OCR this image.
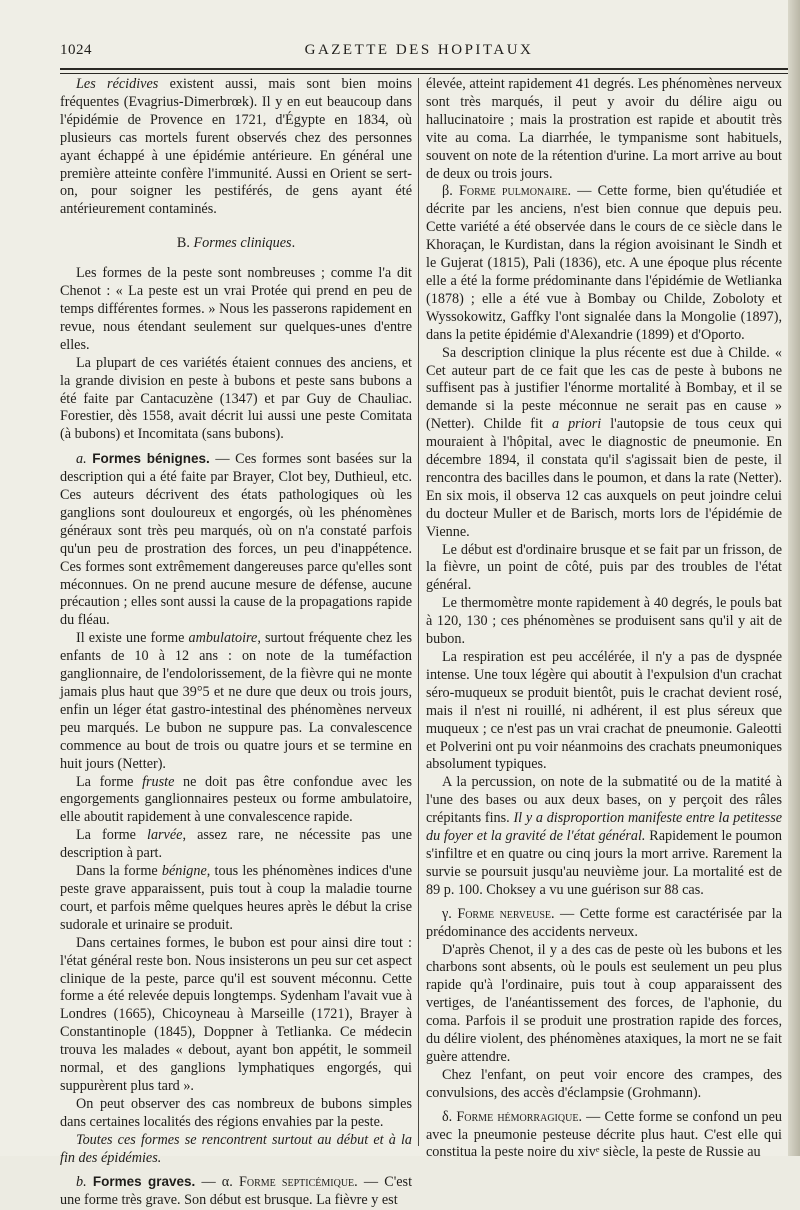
1024	GAZETTE DES HOPITAUX

Les récidives existent aussi, mais sont bien moins fréquentes (Evagrius-Dimerbrœk). Il y en eut beaucoup dans l'épidémie de Provence en 1721, d'Égypte en 1834, où plusieurs cas mortels furent observés chez des personnes ayant échappé à une épidémie antérieure. En général une première atteinte confère l'immunité. Aussi en Orient se sert-on, pour soigner les pestiférés, de gens ayant été antérieurement contaminés.

B. Formes cliniques.

Les formes de la peste sont nombreuses ; comme l'a dit Chenot : « La peste est un vrai Protée qui prend en peu de temps différentes formes. » Nous les passerons rapidement en revue, nous étendant seulement sur quelques-unes d'entre elles.

La plupart de ces variétés étaient connues des anciens, et la grande division en peste à bubons et peste sans bubons a été faite par Cantacuzène (1347) et par Guy de Chauliac. Forestier, dès 1558, avait décrit lui aussi une peste Comitata (à bubons) et Incomitata (sans bubons).

a. Formes bénignes. — Ces formes sont basées sur la description qui a été faite par Brayer, Clot bey, Duthieul, etc. Ces auteurs décrivent des états pathologiques où les ganglions sont douloureux et engorgés, où les phénomènes généraux sont très peu marqués, où on n'a constaté parfois qu'un peu de prostration des forces, un peu d'inappétence. Ces formes sont extrêmement dangereuses parce qu'elles sont méconnues. On ne prend aucune mesure de défense, aucune précaution ; elles sont aussi la cause de la propagations rapide du fléau.

Il existe une forme ambulatoire, surtout fréquente chez les enfants de 10 à 12 ans : on note de la tuméfaction ganglionnaire, de l'endolorissement, de la fièvre qui ne monte jamais plus haut que 39°5 et ne dure que deux ou trois jours, enfin un léger état gastro-intestinal des phénomènes nerveux peu marqués. Le bubon ne suppure pas. La convalescence commence au bout de trois ou quatre jours et se termine en huit jours (Netter).

La forme fruste ne doit pas être confondue avec les engorgements ganglionnaires pesteux ou forme ambulatoire, elle aboutit rapidement à une convalescence rapide.

La forme larvée, assez rare, ne nécessite pas une description à part.

Dans la forme bénigne, tous les phénomènes indices d'une peste grave apparaissent, puis tout à coup la maladie tourne court, et parfois même quelques heures après le début la crise sudorale et urinaire se produit.

Dans certaines formes, le bubon est pour ainsi dire tout : l'état général reste bon. Nous insisterons un peu sur cet aspect clinique de la peste, parce qu'il est souvent méconnu. Cette forme a été relevée depuis longtemps. Sydenham l'avait vue à Londres (1665), Chicoyneau à Marseille (1721), Brayer à Constantinople (1845), Doppner à Tetlianka. Ce médecin trouva les malades « debout, ayant bon appétit, le sommeil normal, et des ganglions lymphatiques engorgés, qui suppurèrent plus tard ».

On peut observer des cas nombreux de bubons simples dans certaines localités des régions envahies par la peste.

Toutes ces formes se rencontrent surtout au début et à la fin des épidémies.

b. Formes graves. — α. Forme septicémique. — C'est une forme très grave. Son début est brusque. La fièvre y est

élevée, atteint rapidement 41 degrés. Les phénomènes nerveux sont très marqués, il peut y avoir du délire aigu ou hallucinatoire ; mais la prostration est rapide et aboutit très vite au coma. La diarrhée, le tympanisme sont habituels, souvent on note de la rétention d'urine. La mort arrive au bout de deux ou trois jours.

β. Forme pulmonaire. — Cette forme, bien qu'étudiée et décrite par les anciens, n'est bien connue que depuis peu. Cette variété a été observée dans le cours de ce siècle dans le Khoraçan, le Kurdistan, dans la région avoisinant le Sindh et le Gujerat (1815), Pali (1836), etc. A une époque plus récente elle a été la forme prédominante dans l'épidémie de Wetlianka (1878) ; elle a été vue à Bombay ou Childe, Zobolоty et Wyssokowitz, Gaffky l'ont signalée dans la Mongolie (1897), dans la petite épidémie d'Alexandrie (1899) et d'Oporto.

Sa description clinique la plus récente est due à Childe. « Cet auteur part de ce fait que les cas de peste à bubons ne suffisent pas à justifier l'énorme mortalité à Bombay, et il se demande si la peste méconnue ne serait pas en cause » (Netter). Childe fit a priori l'autopsie de tous ceux qui mouraient à l'hôpital, avec le diagnostic de pneumonie. En décembre 1894, il constata qu'il s'agissait bien de peste, il rencontra des bacilles dans le poumon, et dans la rate (Netter). En six mois, il observa 12 cas auxquels on peut joindre celui du docteur Muller et de Barisch, morts lors de l'épidémie de Vienne.

Le début est d'ordinaire brusque et se fait par un frisson, de la fièvre, un point de côté, puis par des troubles de l'état général.

Le thermomètre monte rapidement à 40 degrés, le pouls bat à 120, 130 ; ces phénomènes se produisent sans qu'il y ait de bubon.

La respiration est peu accélérée, il n'y a pas de dyspnée intense. Une toux légère qui aboutit à l'expulsion d'un crachat séro-muqueux se produit bientôt, puis le crachat devient rosé, mais il n'est ni rouillé, ni adhérent, il est plus séreux que muqueux ; ce n'est pas un vrai crachat de pneumonie. Galeotti et Polverini ont pu voir néanmoins des crachats pneumoniques absolument typiques.

A la percussion, on note de la submatité ou de la matité à l'une des bases ou aux deux bases, on y perçoit des râles crépitants fins. Il y a disproportion manifeste entre la petitesse du foyer et la gravité de l'état général. Rapidement le poumon s'infiltre et en quatre ou cinq jours la mort arrive. Rarement la survie se poursuit jusqu'au neuvième jour. La mortalité est de 89 p. 100. Choksey a vu une guérison sur 88 cas.

γ. Forme nerveuse. — Cette forme est caractérisée par la prédominance des accidents nerveux.

D'après Chenot, il y a des cas de peste où les bubons et les charbons sont absents, où le pouls est seulement un peu plus rapide qu'à l'ordinaire, puis tout à coup apparaissent des vertiges, de l'anéantissement des forces, de l'aphonie, du coma. Parfois il se produit une prostration rapide des forces, du délire violent, des phénomènes ataxiques, la mort ne se fait guère attendre.

Chez l'enfant, on peut voir encore des crampes, des convulsions, des accès d'éclampsie (Grohmann).

δ. Forme hémorragique. — Cette forme se confond un peu avec la pneumonie pesteuse décrite plus haut. C'est elle qui constitua la peste noire du xivᵉ siècle, la peste de Russie au
